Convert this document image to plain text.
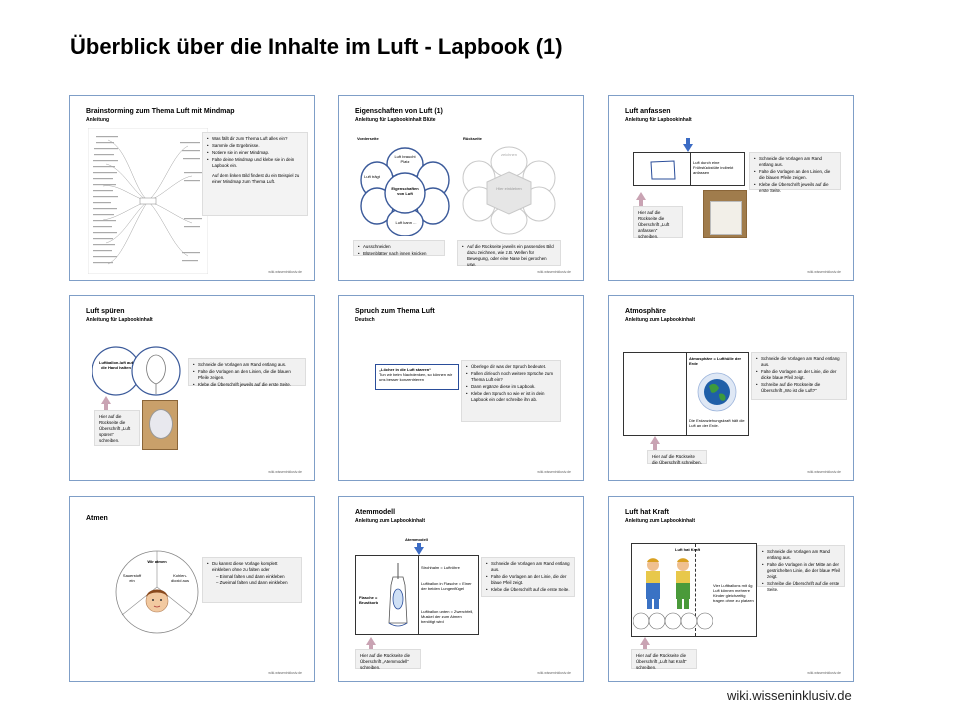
Überblick über die Inhalte im Luft - Lapbook (1)
Brainstorming zum Thema Luft mit Mindmap
Anleitung
• Was fällt dir zum Thema Luft alles ein?
• Sammle die Ergebnisse.
• Notiere sie in einer Mindmap.
• Falte deine Mindmap und klebe sie in dein Lapbook ein.
Auf dem linken Bild findest du ein Beispiel zu einer Mindmap zum Thema Luft.
wiki.wisseninklusiv.de
Eigenschaften von Luft (1)
Anleitung für Lapbookinhalt Blüte
Vorderseite	Rückseite
Eigenschaften von Luft
Luft braucht Platz
Luft trägt
Luft kann ...
Hier einkleben
zeichnen
• Ausschneiden
• Blütenblätter nach innen knicken
• Auf die Rückseite jeweils ein passendes Bild dazu zeichnen, wie z.B. Wellen für Bewegung, oder eine Nase bei gerochen usw.
wiki.wisseninklusiv.de
Luft anfassen
Anleitung für Lapbookinhalt
Luft durch eine Frühstückstüte indirekt anfassen
Hier auf die Rückseite die Überschrift „Luft anfassen“ schreiben.
• Schneide die Vorlagen am Rand entlang aus.
• Falte die Vorlagen an den Linien, die die blauen Pfeile zeigen.
• Klebe die Überschrift jeweils auf die erste Seite.
wiki.wisseninklusiv.de
Luft spüren
Anleitung für Lapbookinhalt
Luftballon-luft auf die Hand halten
Hier auf die Rückseite die Überschrift „Luft spüren“ schreiben.
• Schneide die Vorlagen am Rand entlang aus.
• Falte die Vorlagen an den Linien, die die blauen Pfeile zeigen.
• Klebe die Überschrift jeweils auf die erste Seite.
wiki.wisseninklusiv.de
Spruch zum Thema Luft
Deutsch
„Löcher in die Luft starren“
Tun wir beim Nachdenken, so können wir uns besser konzentrieren
• Überlege dir was der Spruch bedeutet.
• Fallen dir/euch noch weitere Sprüche zum Thema Luft ein?
• Dann ergänze diese im Lapbook.
• Klebe den Spruch so wie er ist in dein Lapbook ein oder schreibe ihn ab.
wiki.wisseninklusiv.de
Atmosphäre
Anleitung zum Lapbookinhalt
Atmosphäre = Lufthülle der Erde
Die Erdanziehungskraft hält die Luft an der Erde.
Hier auf die Rückseite die Überschrift schreiben.
• Schneide die Vorlagen am Rand entlang aus.
• Falte die Vorlagen an der Linie, die der dicke blaue Pfeil zeigt.
• Schreibe auf die Rückseite die Überschrift „Wo ist die Luft?“
wiki.wisseninklusiv.de
Atmen
Wir atmen
Sauerstoff ein
Kohlen-dioxid aus
• Du kannst diese Vorlage komplett einkleben ohne zu falten oder
– Einmal falten und dann einkleben
– Zweimal falten und dann einkleben
wiki.wisseninklusiv.de
Atemmodell
Anleitung zum Lapbookinhalt
Atemmodell
Flasche = Brustkorb
Strohhalm = Luftröhre
Luftballon in Flasche = Einer der beiden Lungenflügel
Luftballon unten = Zwerchfell, Muskel der zum Atmen benötigt wird
Hier auf die Rückseite die Überschrift „Atemmodell“ schreiben.
• Schneide die Vorlagen am Rand entlang aus.
• Falte die Vorlagen an der Linie, die der blaue Pfeil zeigt.
• Klebe die Überschrift auf die erste Seite.
wiki.wisseninklusiv.de
Luft hat Kraft
Anleitung zum Lapbookinhalt
Luft hat Kraft
Vier Luftballons mit 4g Luft können mehrere Kinder gleichzeitig tragen ohne zu platzen
Hier auf die Rückseite die Überschrift „Luft hat Kraft“ schreiben.
• Schneide die Vorlagen am Rand entlang aus.
• Falte die Vorlagen in der Mitte an der gestrichelten Linie, die der blaue Pfeil zeigt.
• Schreibe die Überschrift auf die erste Seite.
wiki.wisseninklusiv.de
wiki.wisseninklusiv.de
